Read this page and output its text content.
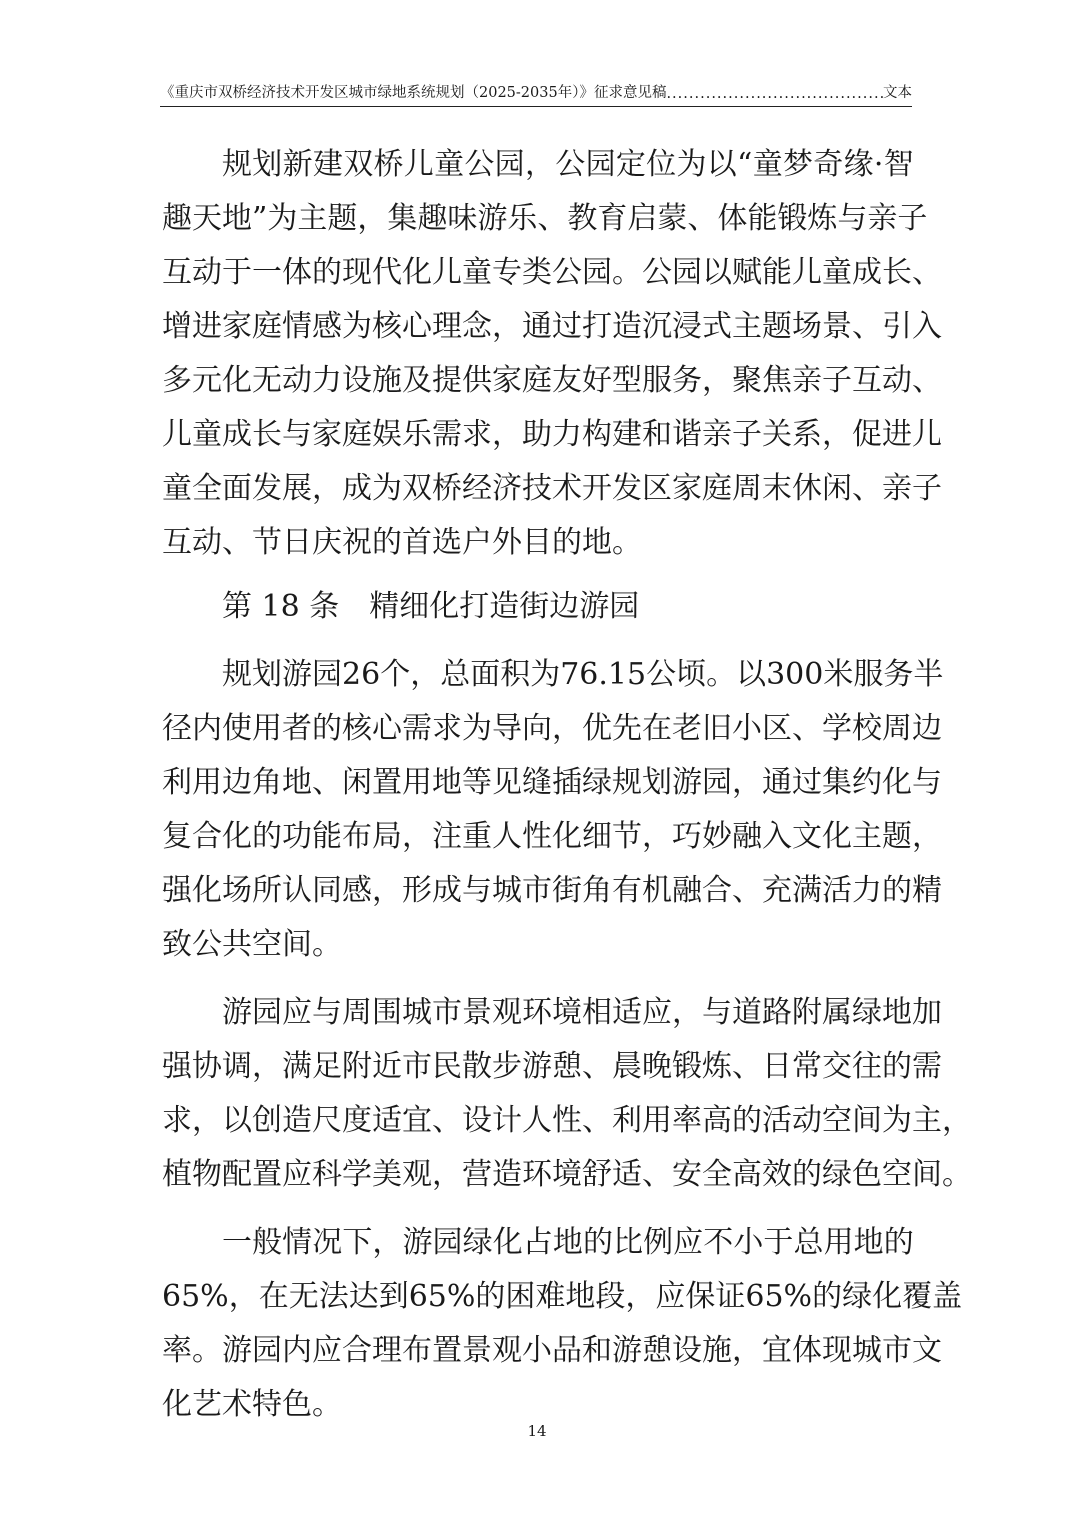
《重庆市双桥经济技术开发区城市绿地系统规划（2025-2035年）》征求意见稿
.....	文本
规 划 新 建 双 桥 儿 童 公 园 ， 公 园 定 位 为 以 “ 童 梦 奇 缘 · 智
趣 天 地 ” 为 主 题 ， 集 趣 味 游 乐 、 教 育 启 蒙 、 体 能 锻 炼 与 亲 子
互 动 于 一 体 的 现 代 化 儿 童 专 类 公 园 。 公 园 以 赋 能 儿 童 成 长 、
增 进 家 庭 情 感 为 核 心 理 念 ， 通 过 打 造 沉 浸 式 主 题 场 景 、 引 入
多 元 化 无 动 力 设 施 及 提 供 家 庭 友 好 型 服 务 ， 聚 焦 亲 子 互 动 、
儿 童 成 长 与 家 庭 娱 乐 需 求 ， 助 力 构 建 和 谐 亲 子 关 系 ， 促 进 儿
童 全 面 发 展 ， 成 为 双 桥 经 济 技 术 开 发 区 家 庭 周 末 休 闲 、 亲 子
互动、节日庆祝的首选户外目的地。
第 18 条 精细化打造街边游园
规 划 游 园 26 个 ， 总 面 积 为 76.15 公 顷 。 以 300 米 服 务 半
径 内 使 用 者 的 核 心 需 求 为 导 向 ， 优 先 在 老 旧 小 区 、 学 校 周 边
利 用 边 角 地 、 闲 置 用 地 等 见 缝 插 绿 规 划 游 园 ， 通 过 集 约 化 与
复 合 化 的 功 能 布 局 ， 注 重 人 性 化 细 节 ， 巧 妙 融 入 文 化 主 题 ，
强 化 场 所 认 同 感 ， 形 成 与 城 市 街 角 有 机 融 合 、 充 满 活 力 的 精
致公共空间。
游 园 应 与 周 围 城 市 景 观 环 境 相 适 应 ， 与 道 路 附 属 绿 地 加
强 协 调 ， 满 足 附 近 市 民 散 步 游 憩 、 晨 晚 锻 炼 、 日 常 交 往 的 需
求 ， 以 创 造 尺 度 适 宜 、 设 计 人 性 、 利 用 率 高 的 活 动 空 间 为 主 ，
植物配置应科学美观，营造环境舒适、安全高效的绿色空间。
一 般 情 况 下 ， 游 园 绿 化 占 地 的 比 例 应 不 小 于 总 用 地 的
65% ， 在 无 法 达 到 65% 的 困 难 地 段 ， 应 保 证 65% 的 绿 化 覆 盖
率 。 游 园 内 应 合 理 布 置 景 观 小 品 和 游 憩 设 施 ， 宜 体 现 城 市 文
化艺术特色。
14
